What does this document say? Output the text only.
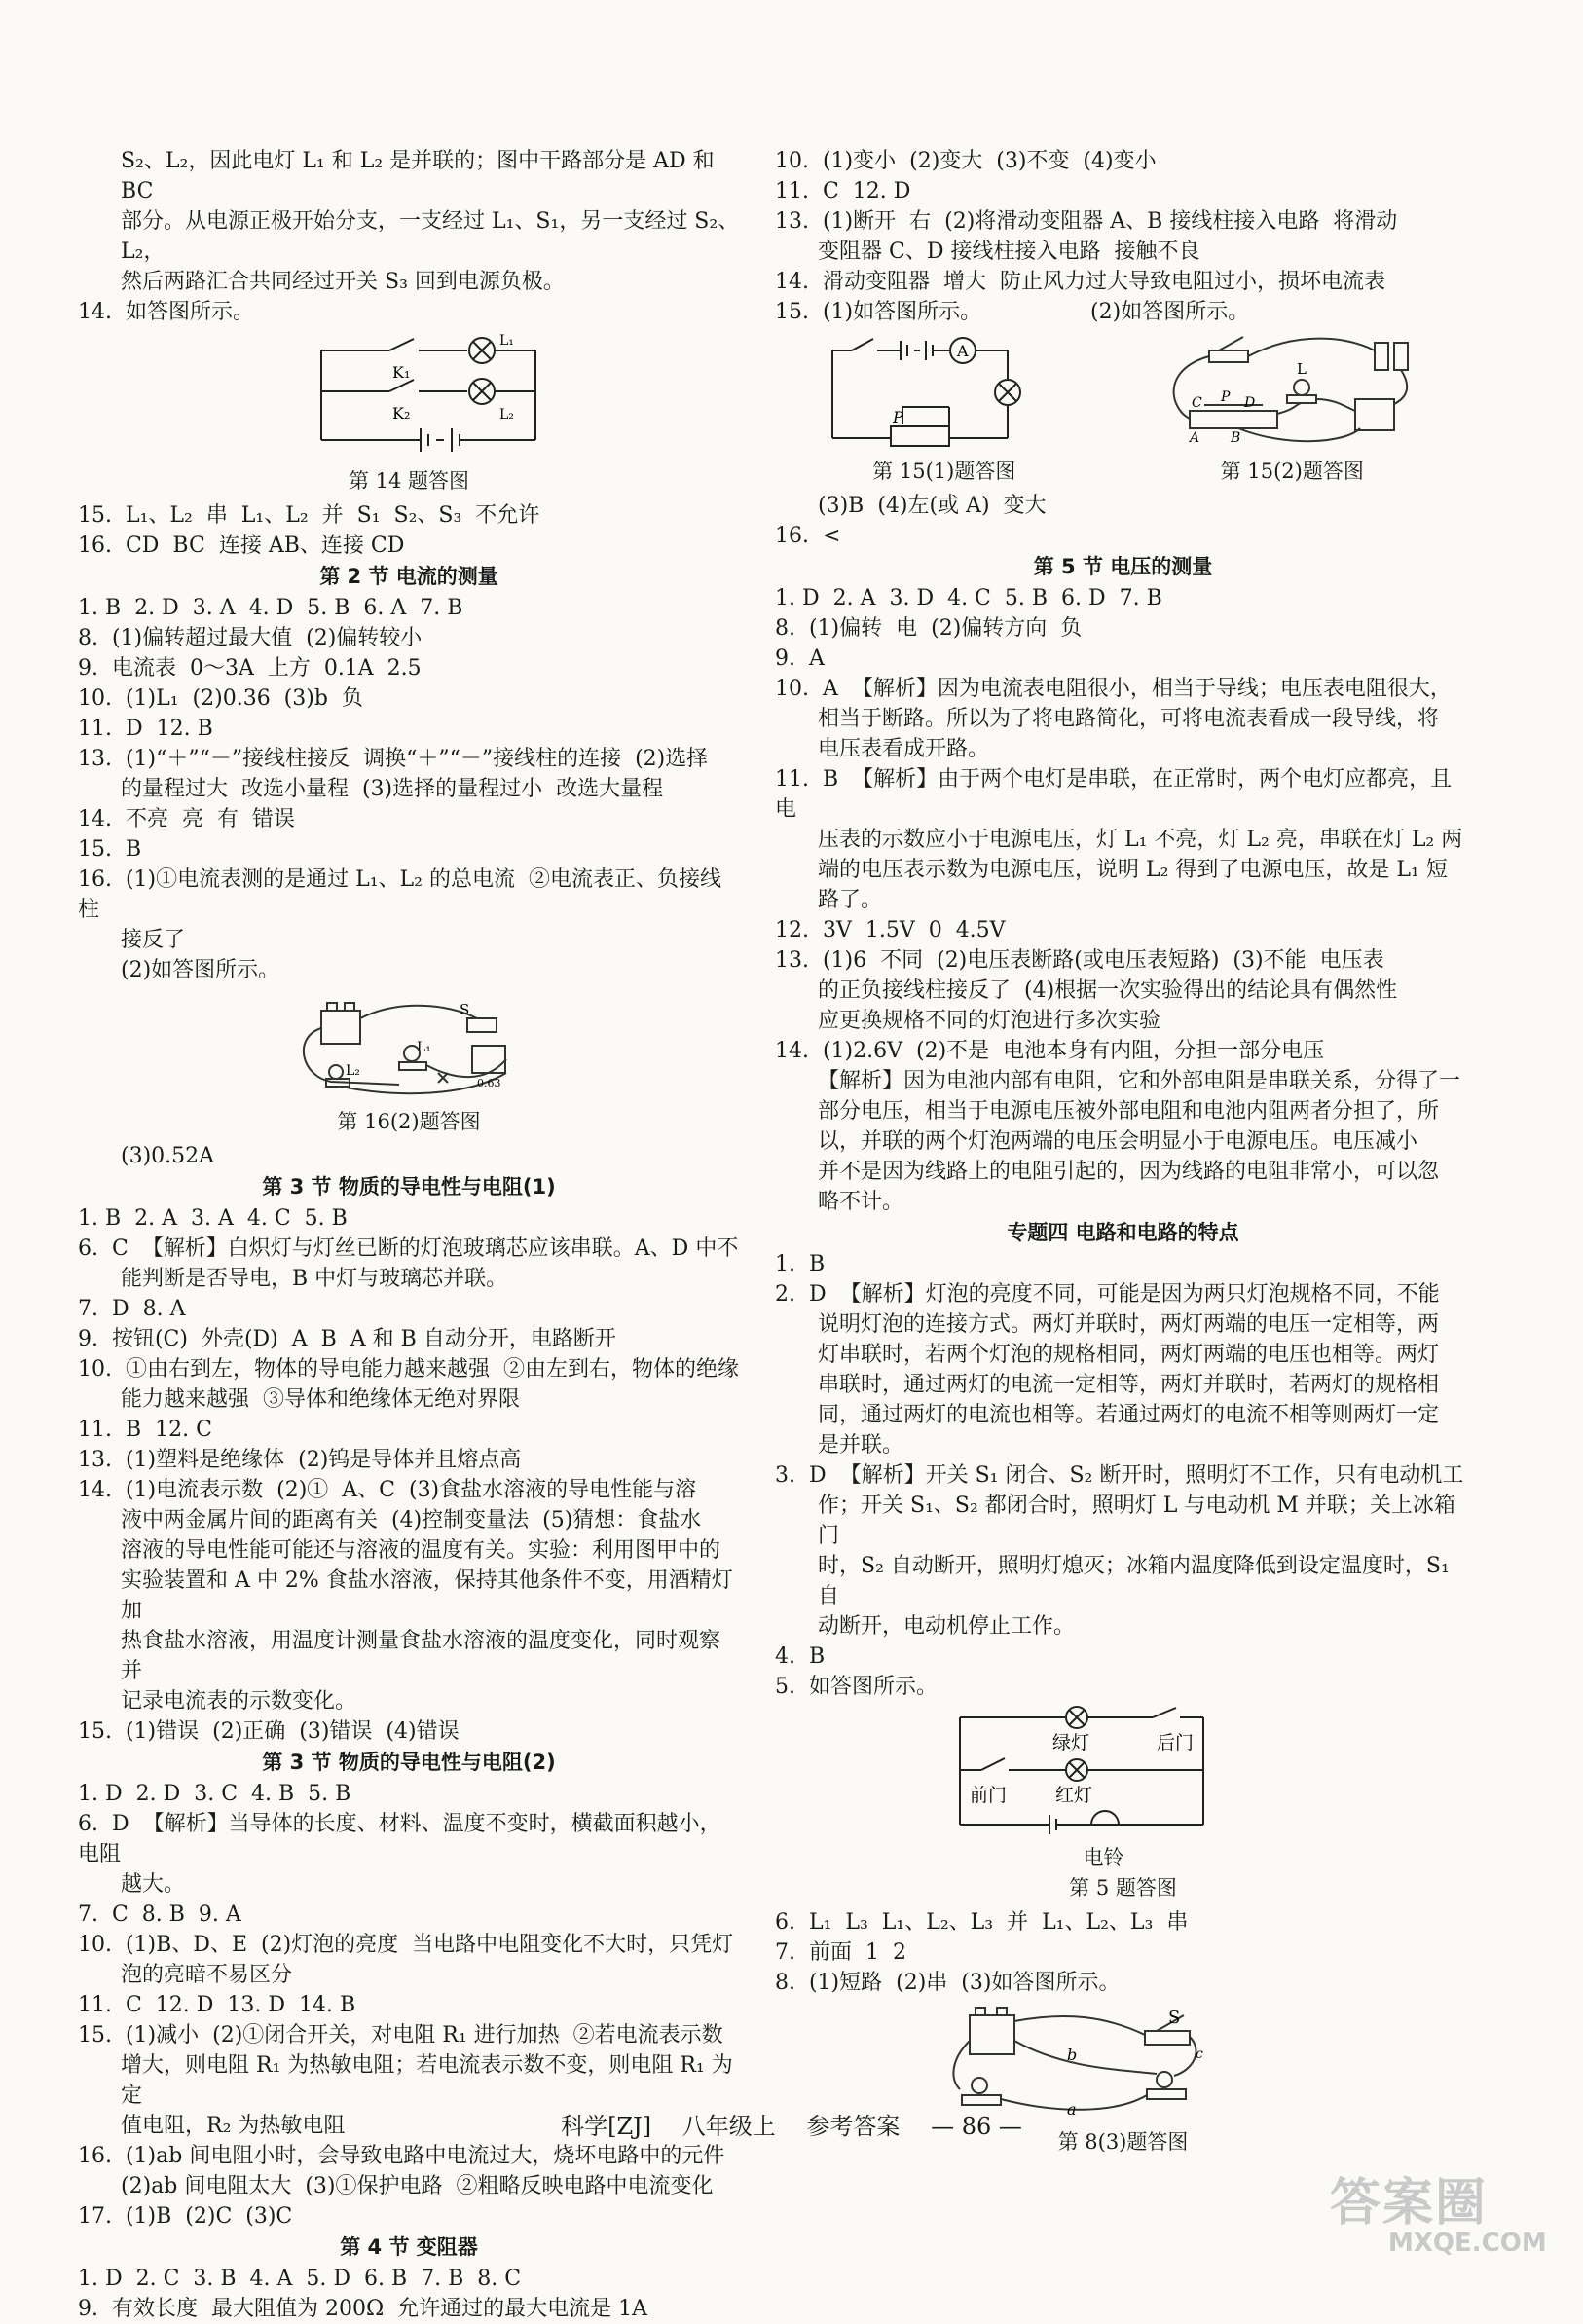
S₂、L₂，因此电灯 L₁ 和 L₂ 是并联的；图中干路部分是 AD 和 BC
部分。从电源正极开始分支，一支经过 L₁、S₁，另一支经过 S₂、L₂，
然后两路汇合共同经过开关 S₃ 回到电源负极。
14.  如答图所示。
K₁
K₂
L₁
L₂
第 14 题答图
15.  L₁、L₂  串  L₁、L₂  并  S₁  S₂、S₃  不允许
16.  CD  BC  连接 AB、连接 CD
第 2 节 电流的测量
1. B  2. D  3. A  4. D  5. B  6. A  7. B
8.  (1)偏转超过最大值  (2)偏转较小
9.  电流表  0～3A  上方  0.1A  2.5
10.  (1)L₁  (2)0.36  (3)b  负
11.  D  12. B
13.  (1)“＋”“－”接线柱接反  调换“＋”“－”接线柱的连接  (2)选择
的量程过大  改选小量程  (3)选择的量程过小  改选大量程
14.  不亮  亮  有  错误
15.  B
16.  (1)①电流表测的是通过 L₁、L₂ 的总电流  ②电流表正、负接线柱
接反了
(2)如答图所示。
S
L₁
L₂
0.63
第 16(2)题答图
(3)0.52A
第 3 节 物质的导电性与电阻(1)
1. B  2. A  3. A  4. C  5. B
6.  C  【解析】白炽灯与灯丝已断的灯泡玻璃芯应该串联。A、D 中不
能判断是否导电，B 中灯与玻璃芯并联。
7.  D  8. A
9.  按钮(C)  外壳(D)  A  B  A 和 B 自动分开，电路断开
10.  ①由右到左，物体的导电能力越来越强  ②由左到右，物体的绝缘
能力越来越强  ③导体和绝缘体无绝对界限
11.  B  12. C
13.  (1)塑料是绝缘体  (2)钨是导体并且熔点高
14.  (1)电流表示数  (2)①  A、C  (3)食盐水溶液的导电性能与溶
液中两金属片间的距离有关  (4)控制变量法  (5)猜想：食盐水
溶液的导电性能可能还与溶液的温度有关。实验：利用图甲中的
实验装置和 A 中 2% 食盐水溶液，保持其他条件不变，用酒精灯加
热食盐水溶液，用温度计测量食盐水溶液的温度变化，同时观察并
记录电流表的示数变化。
15.  (1)错误  (2)正确  (3)错误  (4)错误
第 3 节 物质的导电性与电阻(2)
1. D  2. D  3. C  4. B  5. B
6.  D  【解析】当导体的长度、材料、温度不变时，横截面积越小，电阻
越大。
7.  C  8. B  9. A
10.  (1)B、D、E  (2)灯泡的亮度  当电路中电阻变化不大时，只凭灯
泡的亮暗不易区分
11.  C  12. D  13. D  14. B
15.  (1)减小  (2)①闭合开关，对电阻 R₁ 进行加热  ②若电流表示数
增大，则电阻 R₁ 为热敏电阻；若电流表示数不变，则电阻 R₁ 为定
值电阻，R₂ 为热敏电阻
16.  (1)ab 间电阻小时，会导致电路中电流过大，烧坏电路中的元件
(2)ab 间电阻太大  (3)①保护电路  ②粗略反映电路中电流变化
17.  (1)B  (2)C  (3)C
第 4 节 变阻器
1. D  2. C  3. B  4. A  5. D  6. B  7. B  8. C
9.  有效长度  最大阻值为 200Ω  允许通过的最大电流是 1A
10.  (1)变小  (2)变大  (3)不变  (4)变小
11.  C  12. D
13.  (1)断开  右  (2)将滑动变阻器 A、B 接线柱接入电路  将滑动
变阻器 C、D 接线柱接入电路  接触不良
14.  滑动变阻器  增大  防止风力过大导致电阻过小，损坏电流表
15.  (1)如答图所示。                (2)如答图所示。
A
P
第 15(1)题答图
L
C P D
A B
第 15(2)题答图
(3)B  (4)左(或 A)  变大
16.  <
第 5 节 电压的测量
1. D  2. A  3. D  4. C  5. B  6. D  7. B
8.  (1)偏转  电  (2)偏转方向  负
9.  A
10.  A  【解析】因为电流表电阻很小，相当于导线；电压表电阻很大，
相当于断路。所以为了将电路简化，可将电流表看成一段导线，将
电压表看成开路。
11.  B  【解析】由于两个电灯是串联，在正常时，两个电灯应都亮，且电
压表的示数应小于电源电压，灯 L₁ 不亮，灯 L₂ 亮，串联在灯 L₂ 两
端的电压表示数为电源电压，说明 L₂ 得到了电源电压，故是 L₁ 短
路了。
12.  3V  1.5V  0  4.5V
13.  (1)6  不同  (2)电压表断路(或电压表短路)  (3)不能  电压表
的正负接线柱接反了  (4)根据一次实验得出的结论具有偶然性
应更换规格不同的灯泡进行多次实验
14.  (1)2.6V  (2)不是  电池本身有内阻，分担一部分电压
【解析】因为电池内部有电阻，它和外部电阻是串联关系，分得了一
部分电压，相当于电源电压被外部电阻和电池内阻两者分担了，所
以，并联的两个灯泡两端的电压会明显小于电源电压。电压减小
并不是因为线路上的电阻引起的，因为线路的电阻非常小，可以忽
略不计。
专题四 电路和电路的特点
1.  B
2.  D  【解析】灯泡的亮度不同，可能是因为两只灯泡规格不同，不能
说明灯泡的连接方式。两灯并联时，两灯两端的电压一定相等，两
灯串联时，若两个灯泡的规格相同，两灯两端的电压也相等。两灯
串联时，通过两灯的电流一定相等，两灯并联时，若两灯的规格相
同，通过两灯的电流也相等。若通过两灯的电流不相等则两灯一定
是并联。
3.  D  【解析】开关 S₁ 闭合、S₂ 断开时，照明灯不工作，只有电动机工
作；开关 S₁、S₂ 都闭合时，照明灯 L 与电动机 M 并联；关上冰箱门
时，S₂ 自动断开，照明灯熄灭；冰箱内温度降低到设定温度时，S₁ 自
动断开，电动机停止工作。
4.  B
5.  如答图所示。
绿灯	后门
前门	红灯
电铃
第 5 题答图
6.  L₁  L₃  L₁、L₂、L₃  并  L₁、L₂、L₃  串
7.  前面  1  2
8.  (1)短路  (2)串  (3)如答图所示。
S
b	c
a
第 8(3)题答图
科学[ZJ] 八年级上 参考答案 — 86 —
答案圈
MXQE.COM
